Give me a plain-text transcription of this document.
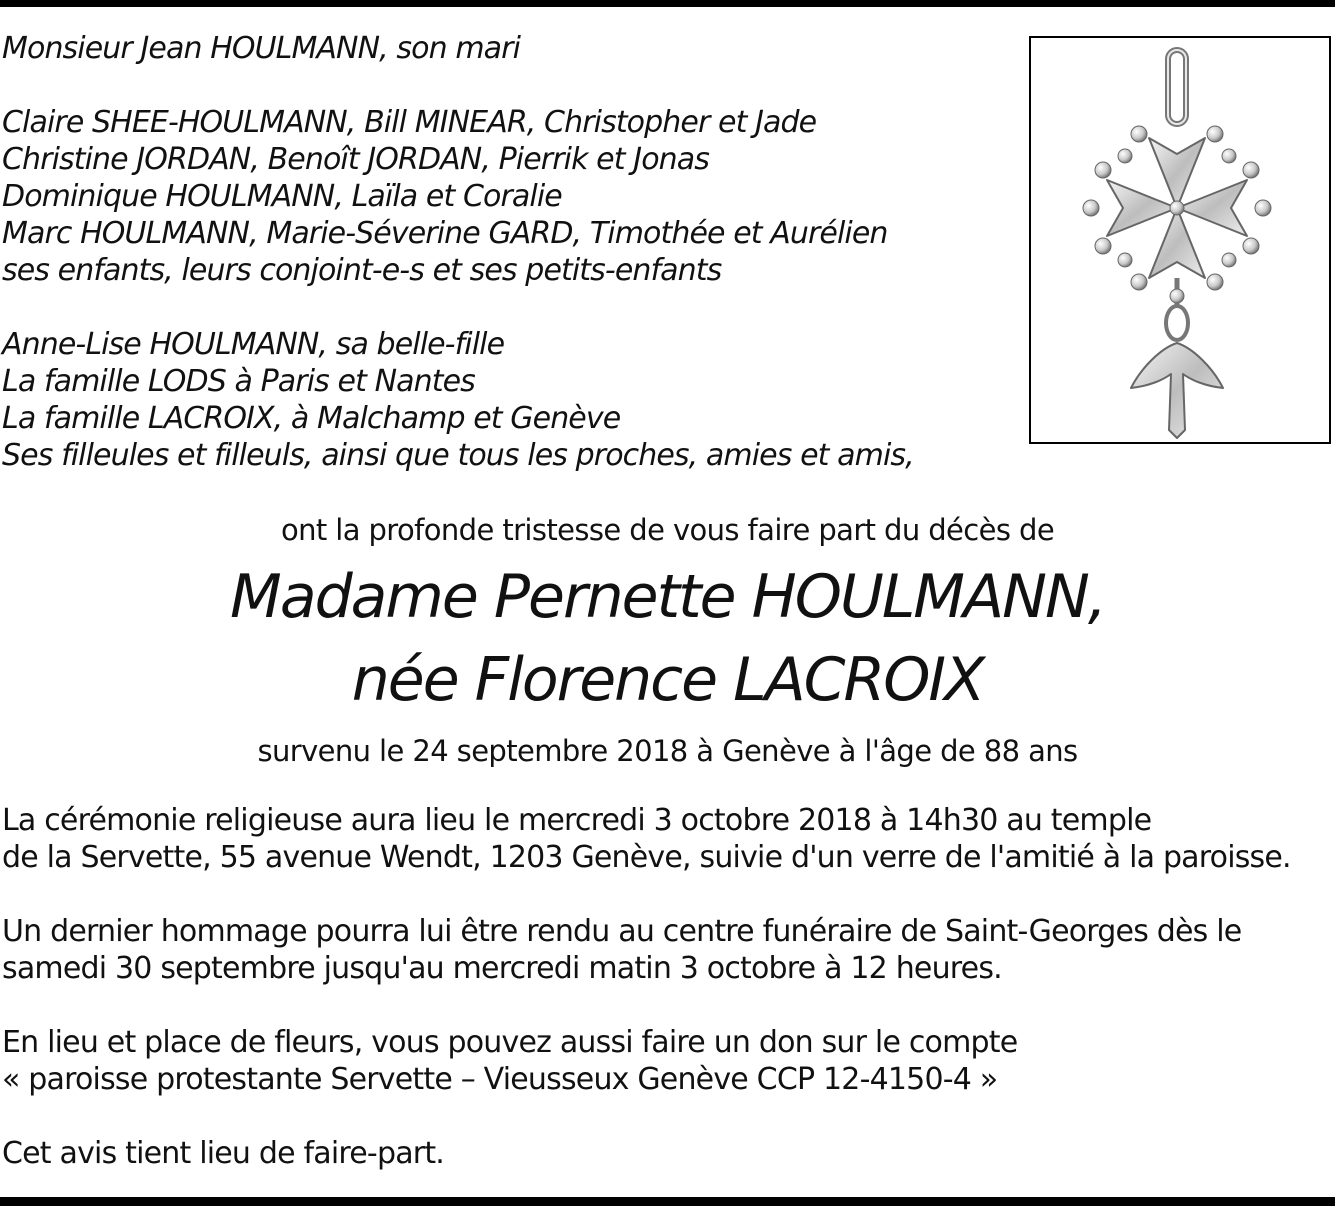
Monsieur Jean HOULMANN, son mari
Claire SHEE-HOULMANN, Bill MINEAR, Christopher et Jade
Christine JORDAN, Benoît JORDAN, Pierrik et Jonas
Dominique HOULMANN, Laïla et Coralie
Marc HOULMANN, Marie-Séverine GARD, Timothée et Aurélien
ses enfants, leurs conjoint-e-s et ses petits-enfants
Anne-Lise HOULMANN, sa belle-fille
La famille LODS à Paris et Nantes
La famille LACROIX, à Malchamp et Genève
Ses filleules et filleuls, ainsi que tous les proches, amies et amis,
ont la profonde tristesse de vous faire part du décès de
Madame Pernette HOULMANN,
née Florence LACROIX
survenu le 24 septembre 2018 à Genève à l'âge de 88 ans
La cérémonie religieuse aura lieu le mercredi 3 octobre 2018 à 14h30 au temple
de la Servette, 55 avenue Wendt, 1203 Genève, suivie d'un verre de l'amitié à la paroisse.
Un dernier hommage pourra lui être rendu au centre funéraire de Saint-Georges dès le
samedi 30 septembre jusqu'au mercredi matin 3 octobre à 12 heures.
En lieu et place de fleurs, vous pouvez aussi faire un don sur le compte
« paroisse protestante Servette – Vieusseux Genève CCP 12-4150-4 »
Cet avis tient lieu de faire-part.
